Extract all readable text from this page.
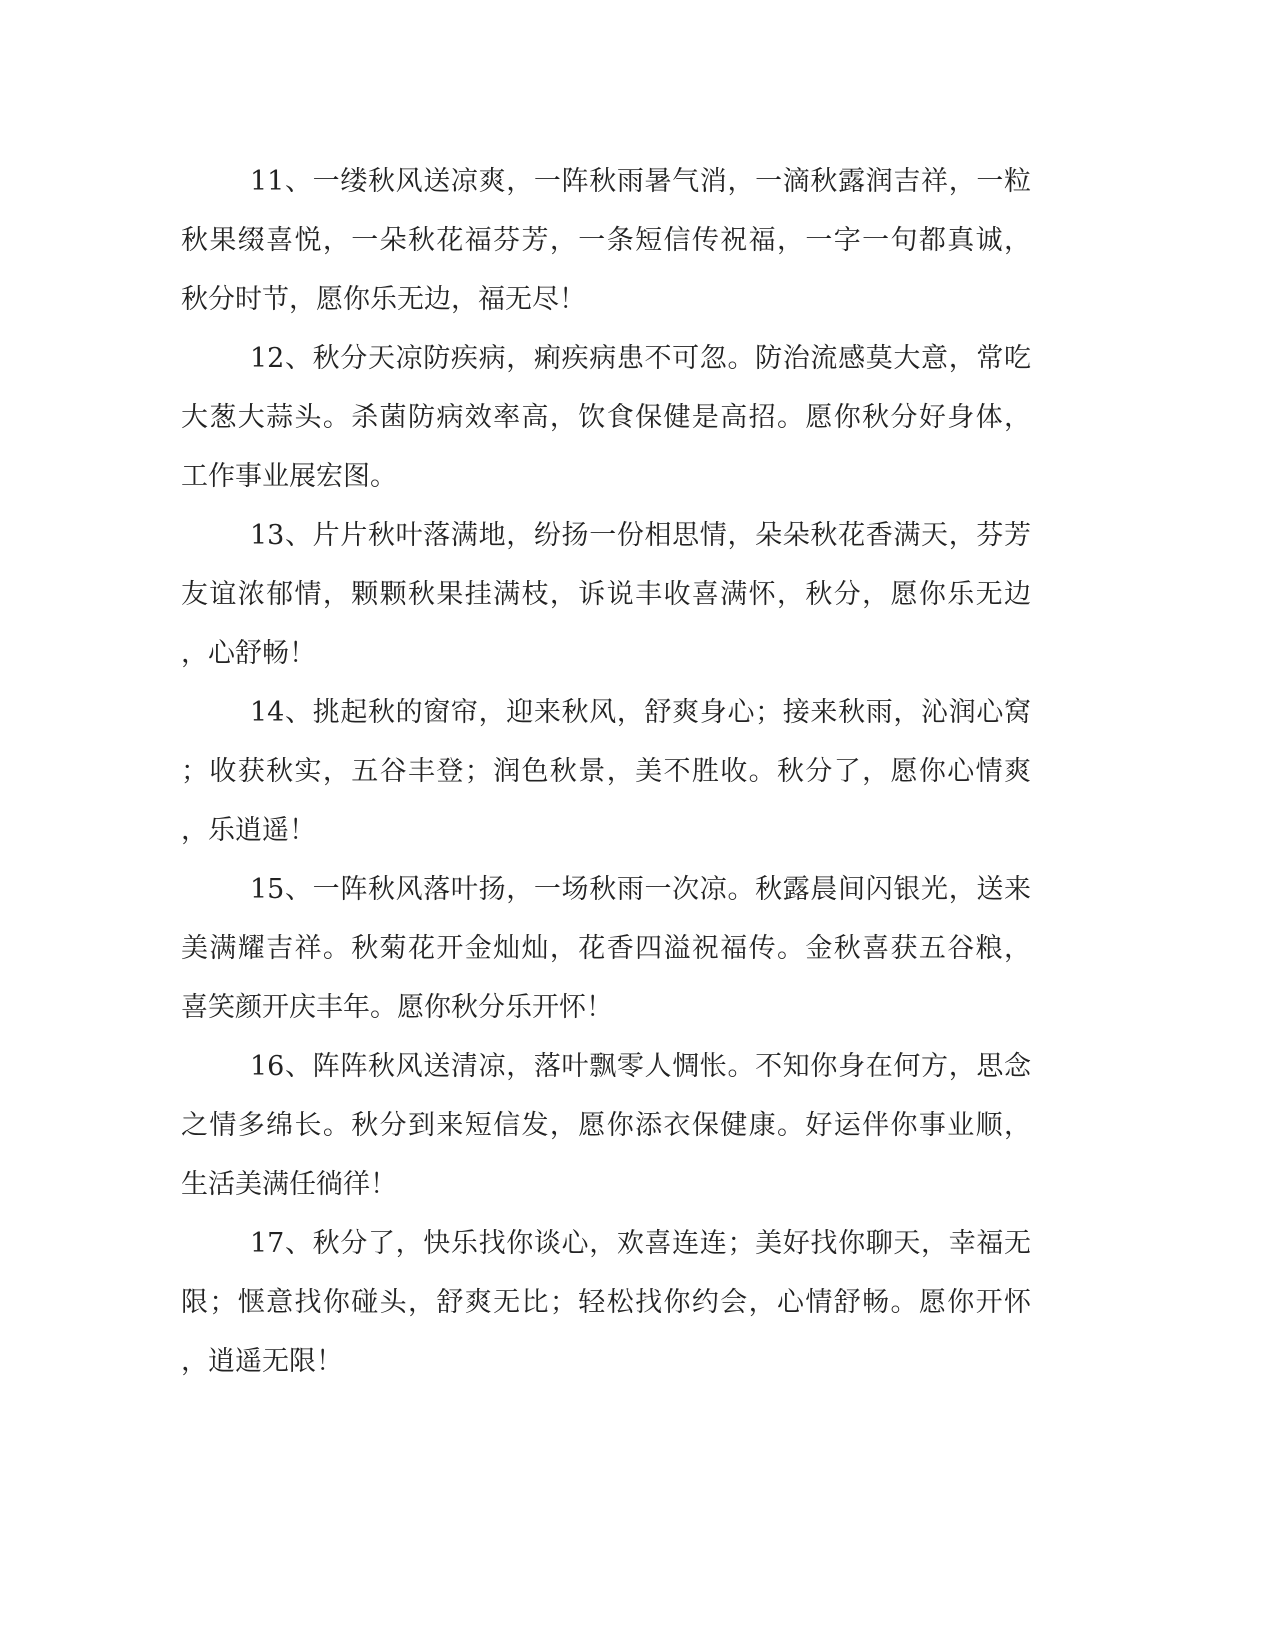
11、一缕秋风送凉爽，一阵秋雨暑气消，一滴秋露润吉祥，一粒
秋果缀喜悦，一朵秋花福芬芳，一条短信传祝福，一字一句都真诚，
秋分时节，愿你乐无边，福无尽！

12、秋分天凉防疾病，痢疾病患不可忽。防治流感莫大意，常吃
大葱大蒜头。杀菌防病效率高，饮食保健是高招。愿你秋分好身体，
工作事业展宏图。

13、片片秋叶落满地，纷扬一份相思情，朵朵秋花香满天，芬芳
友谊浓郁情，颗颗秋果挂满枝，诉说丰收喜满怀，秋分，愿你乐无边
，心舒畅！

14、挑起秋的窗帘，迎来秋风，舒爽身心；接来秋雨，沁润心窝
；收获秋实，五谷丰登；润色秋景，美不胜收。秋分了，愿你心情爽
，乐逍遥！

15、一阵秋风落叶扬，一场秋雨一次凉。秋露晨间闪银光，送来
美满耀吉祥。秋菊花开金灿灿，花香四溢祝福传。金秋喜获五谷粮，
喜笑颜开庆丰年。愿你秋分乐开怀！

16、阵阵秋风送清凉，落叶飘零人惆怅。不知你身在何方，思念
之情多绵长。秋分到来短信发，愿你添衣保健康。好运伴你事业顺，
生活美满任徜徉！

17、秋分了，快乐找你谈心，欢喜连连；美好找你聊天，幸福无
限；惬意找你碰头，舒爽无比；轻松找你约会，心情舒畅。愿你开怀
，逍遥无限！
